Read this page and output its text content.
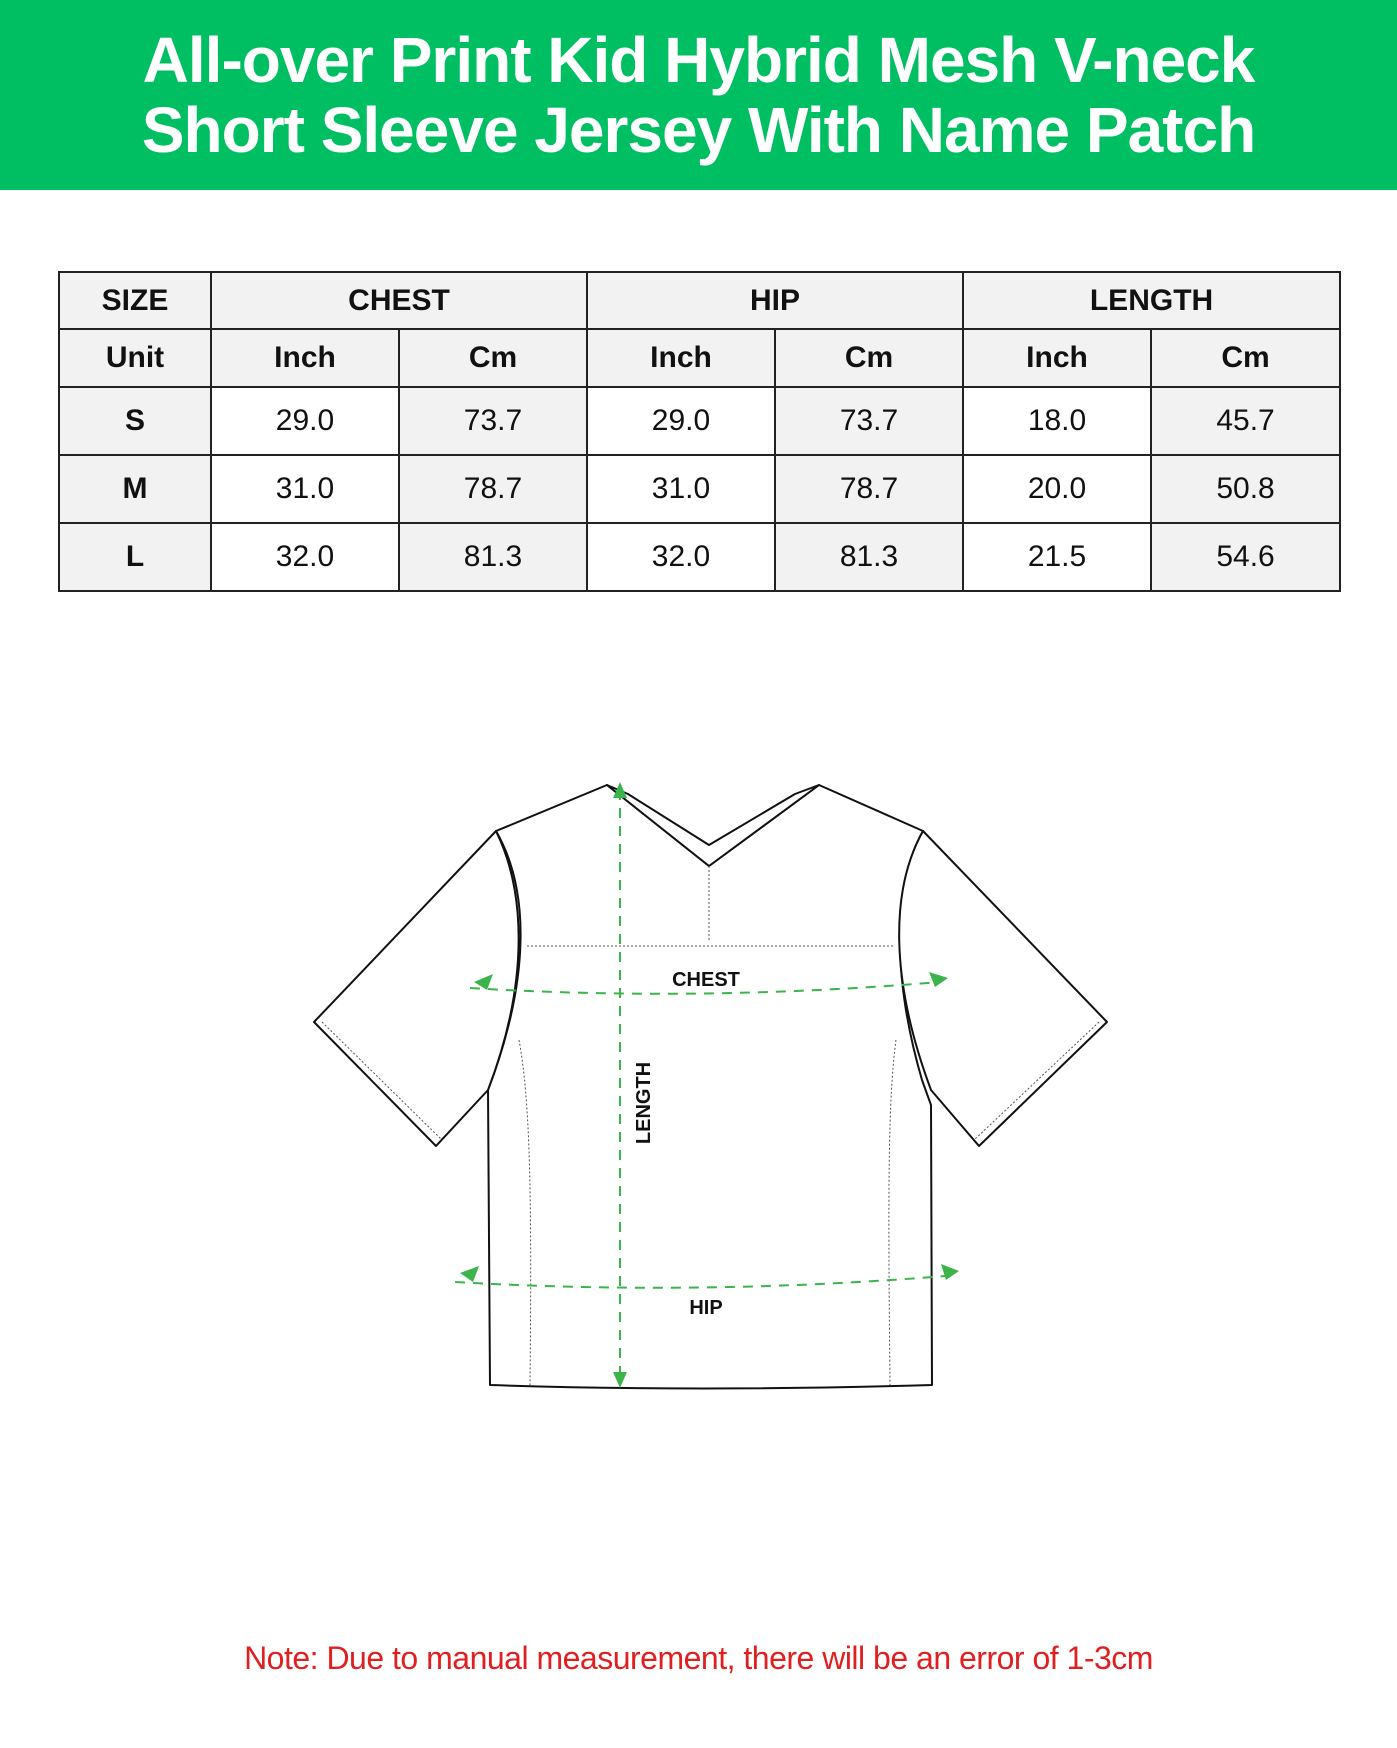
All-over Print Kid Hybrid Mesh V-neck
Short Sleeve Jersey With Name Patch
SIZE	CHEST		HIP		LENGTH	
Unit	Inch	Cm	Inch	Cm	Inch	Cm
S	29.0	73.7	29.0	73.7	18.0	45.7
M	31.0	78.7	31.0	78.7	20.0	50.8
L	32.0	81.3	32.0	81.3	21.5	54.6
CHEST
HIP
LENGTH
Note: Due to manual measurement, there will be an error of 1-3cm
